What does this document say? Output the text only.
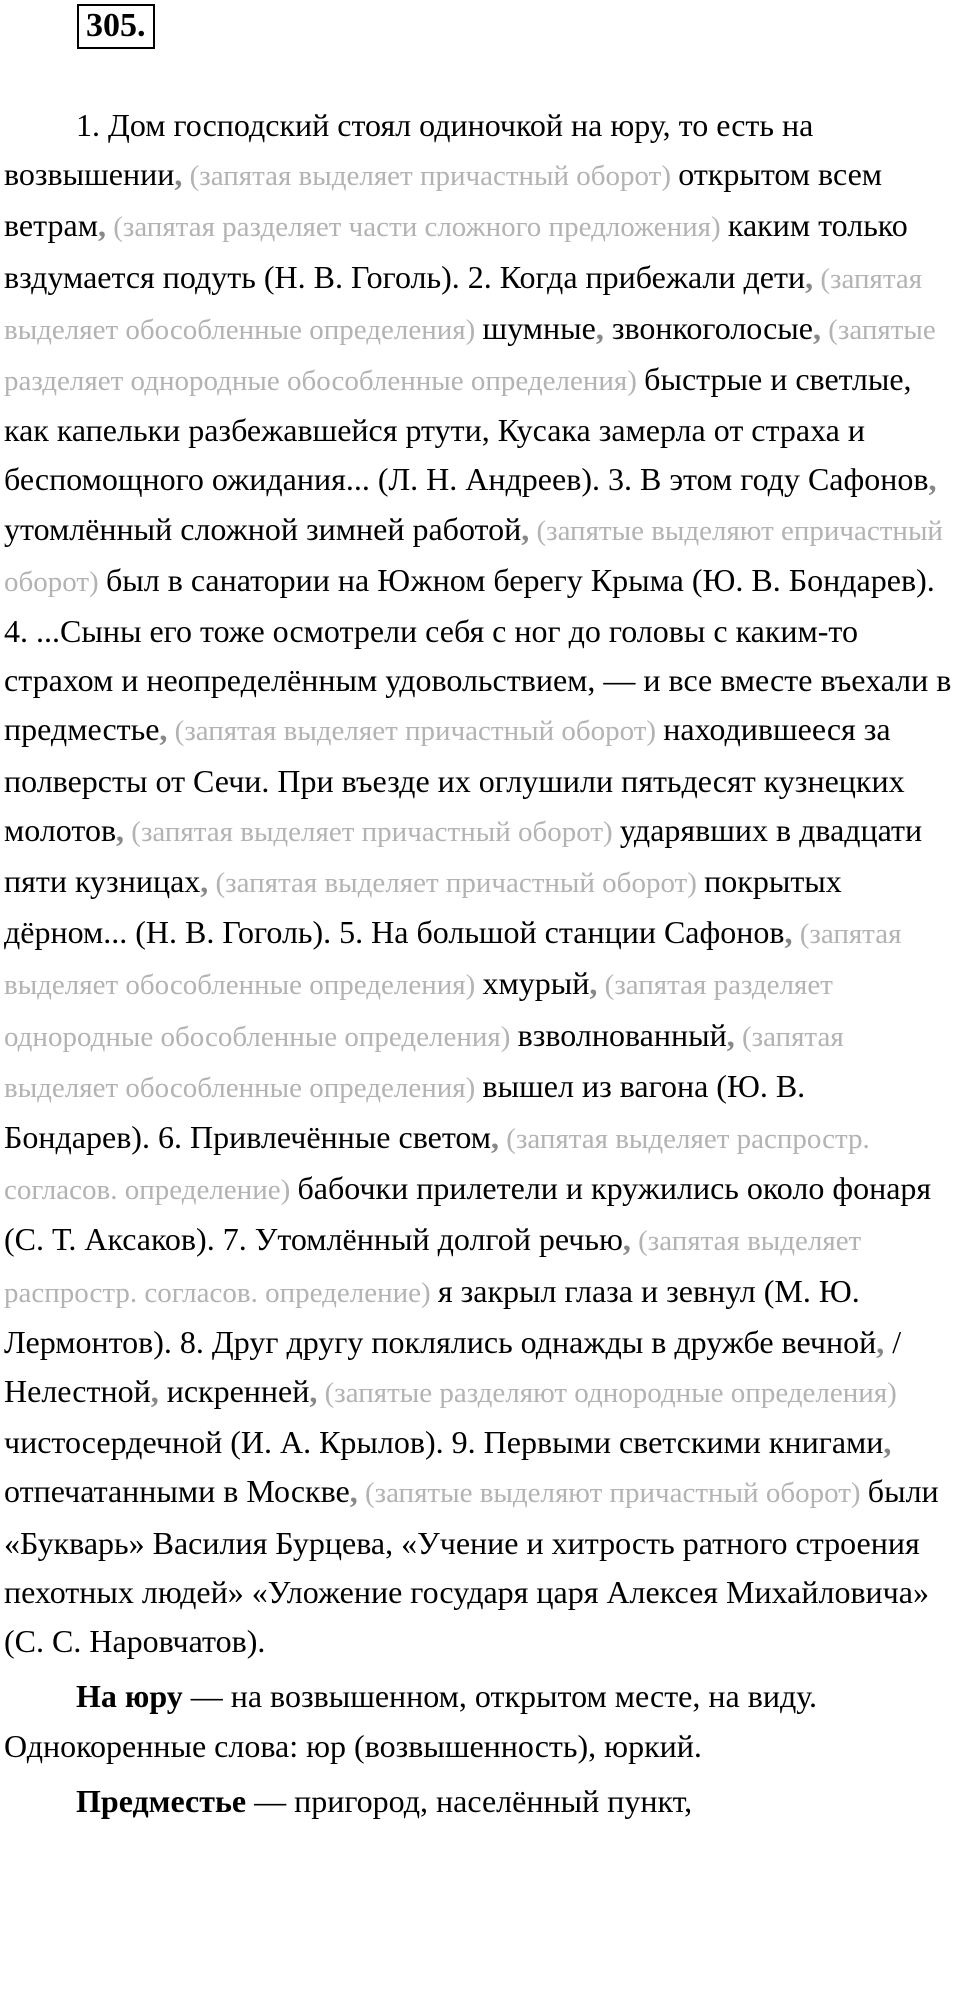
305.

1. Дом господский стоял одиночкой на юру, то есть на возвышении, (запятая выделяет причастный оборот) открытом всем ветрам, (запятая разделяет части сложного предложения) каким только вздумается подуть (Н. В. Гоголь). 2. Когда прибежали дети, (запятая выделяет обособленные определения) шумные, звонкоголосые, (запятые разделяет однородные обособленные определения) быстрые и светлые, как капельки разбежавшейся ртути, Кусака замерла от страха и беспомощного ожидания... (Л. Н. Андреев). 3. В этом году Сафонов, утомлённый сложной зимней работой, (запятые выделяют епричастный оборот) был в санатории на Южном берегу Крыма (Ю. В. Бондарев). 4. ...Сыны его тоже осмотрели себя с ног до головы с каким-то страхом и неопределённым удовольствием, — и все вместе въехали в предместье, (запятая выделяет причастный оборот) находившееся за полверсты от Сечи. При въезде их оглушили пятьдесят кузнецких молотов, (запятая выделяет причастный оборот) ударявших в двадцати пяти кузницах, (запятая выделяет причастный оборот) покрытых дёрном... (Н. В. Гоголь). 5. На большой станции Сафонов, (запятая выделяет обособленные определения) хмурый, (запятая разделяет однородные обособленные определения) взволнованный, (запятая выделяет обособленные определения) вышел из вагона (Ю. В. Бондарев). 6. Привлечённые светом, (запятая выделяет распростр. согласов. определение) бабочки прилетели и кружились около фонаря (С. Т. Аксаков). 7. Утомлённый долгой речью, (запятая выделяет распростр. согласов. определение) я закрыл глаза и зевнул (М. Ю. Лермонтов). 8. Друг другу поклялись однажды в дружбе вечной, / Нелестной, искренней, (запятые разделяют однородные определения) чистосердечной (И. А. Крылов). 9. Первыми светскими книгами, отпечатанными в Москве, (запятые выделяют причастный оборот) были «Букварь» Василия Бурцева, «Учение и хитрость ратного строения пехотных людей» «Уложение государя царя Алексея Михайловича» (С. С. Наровчатов).

На юру — на возвышенном, открытом месте, на виду. Однокоренные слова: юр (возвышенность), юркий.

Предместье — пригород, населённый пункт,
